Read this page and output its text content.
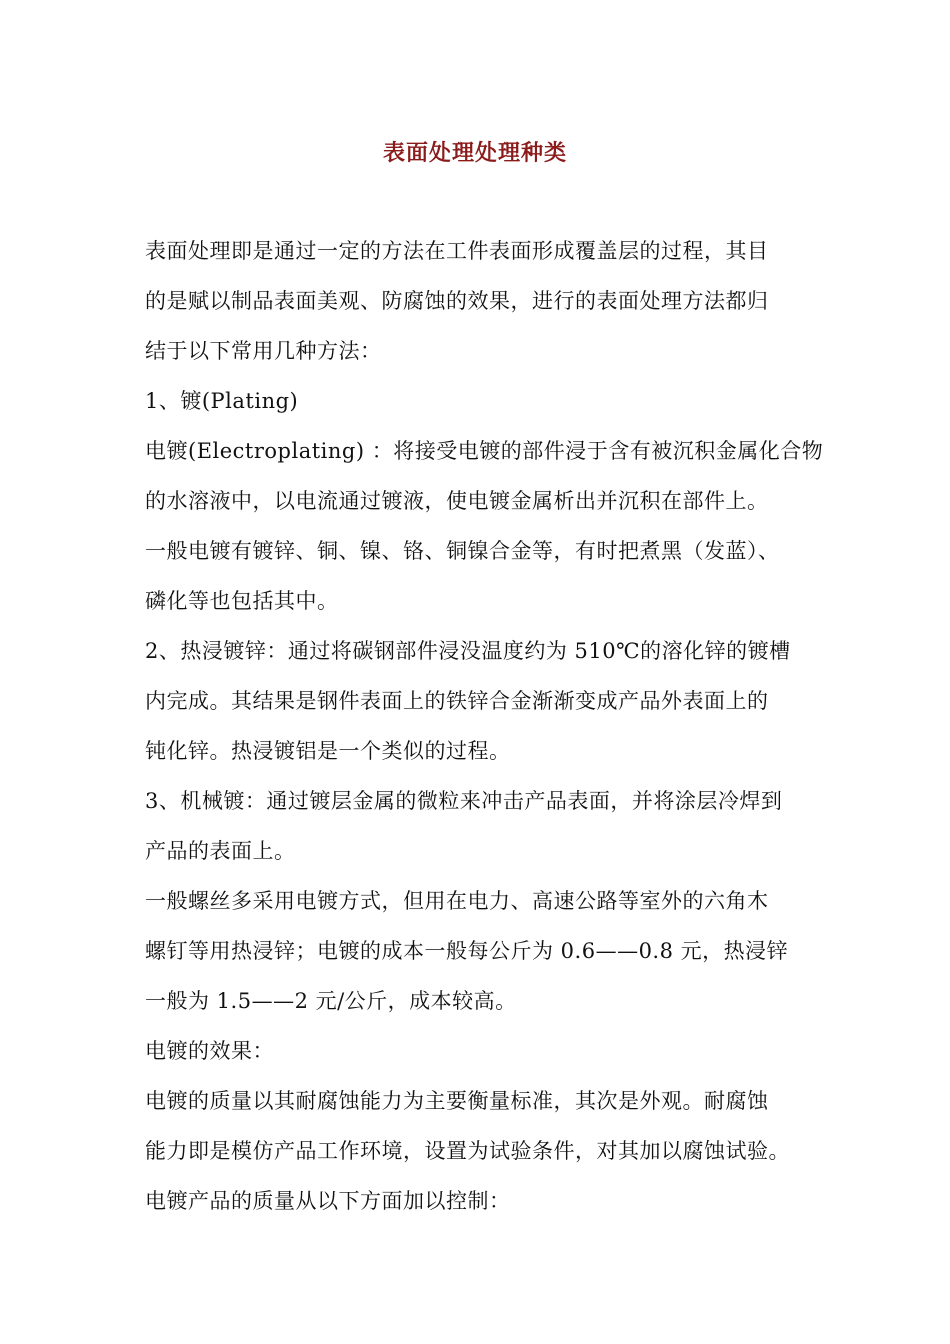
表面处理处理种类
表面处理即是通过一定的方法在工件表面形成覆盖层的过程，其目
的是赋以制品表面美观、防腐蚀的效果，进行的表面处理方法都归
结于以下常用几种方法：
1、镀(Plating)
电镀(Electroplating) ：将接受电镀的部件浸于含有被沉积金属化合物
的水溶液中，以电流通过镀液，使电镀金属析出并沉积在部件上。
一般电镀有镀锌、铜、镍、铬、铜镍合金等，有时把煮黑（发蓝）、
磷化等也包括其中。
2、热浸镀锌：通过将碳钢部件浸没温度约为 510℃的溶化锌的镀槽
内完成。其结果是钢件表面上的铁锌合金渐渐变成产品外表面上的
钝化锌。热浸镀铝是一个类似的过程。
3、机械镀：通过镀层金属的微粒来冲击产品表面，并将涂层冷焊到
产品的表面上。
一般螺丝多采用电镀方式，但用在电力、高速公路等室外的六角木
螺钉等用热浸锌；电镀的成本一般每公斤为 0.6——0.8 元，热浸锌
一般为 1.5——2 元/公斤，成本较高。
电镀的效果：
电镀的质量以其耐腐蚀能力为主要衡量标准，其次是外观。耐腐蚀
能力即是模仿产品工作环境，设置为试验条件，对其加以腐蚀试验。
电镀产品的质量从以下方面加以控制：
